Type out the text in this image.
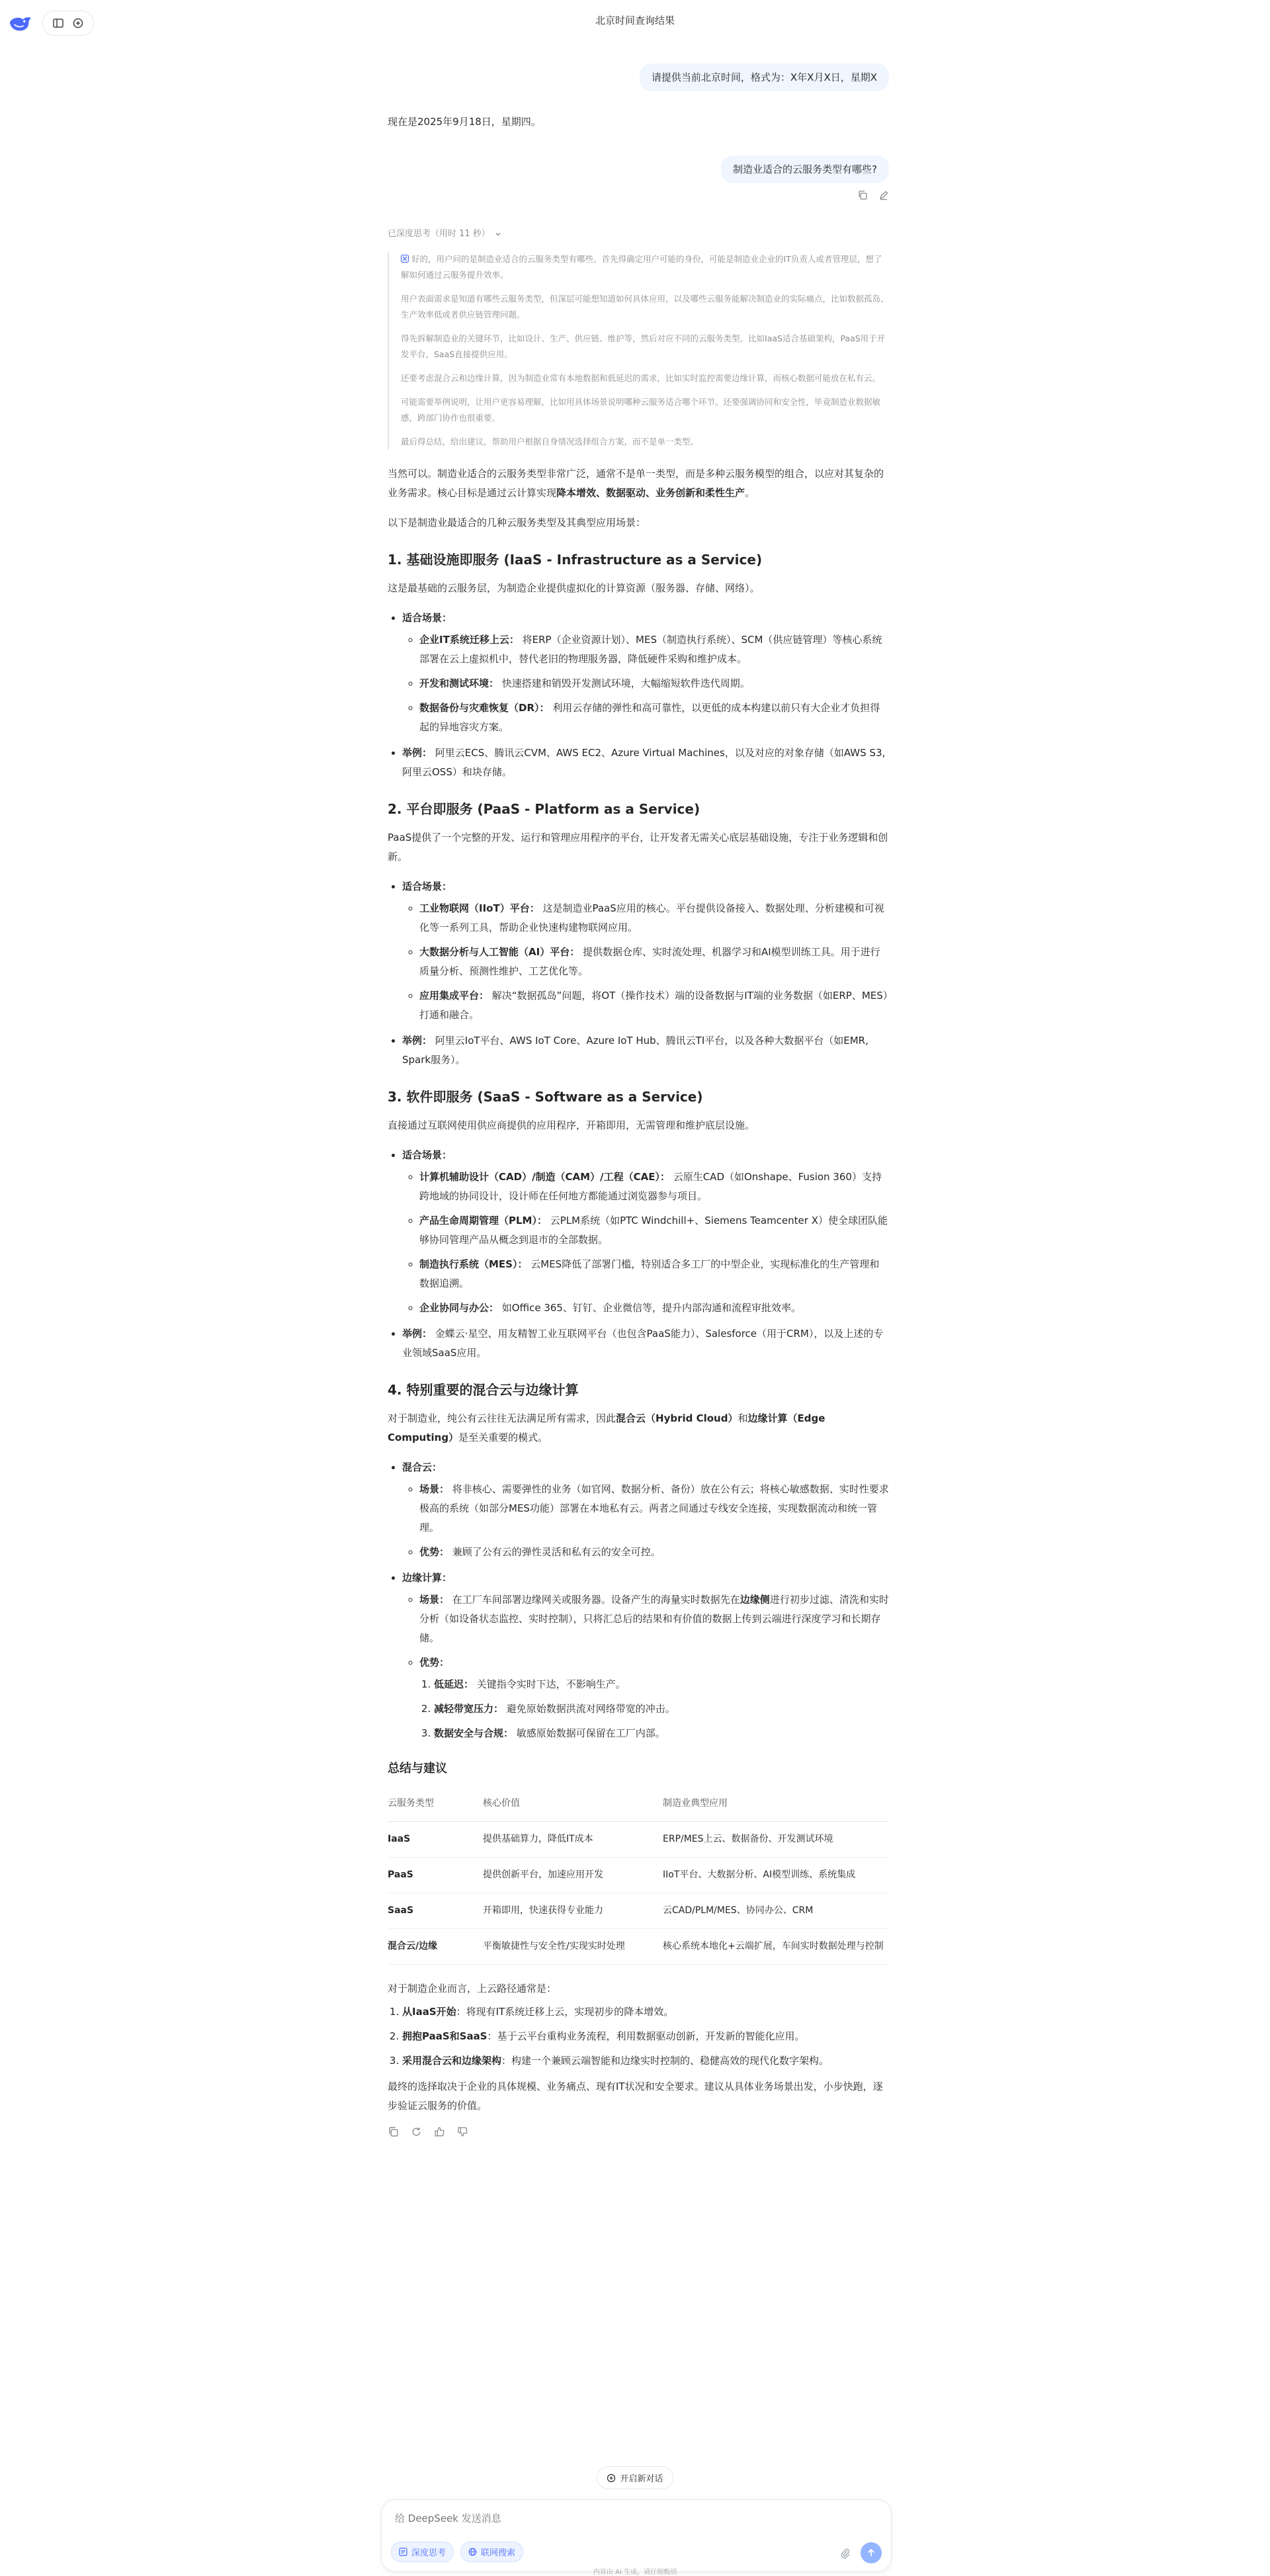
北京时间查询结果
请提供当前北京时间，格式为：X年X月X日，星期X

现在是2025年9月18日，星期四。

制造业适合的云服务类型有哪些?
已深度思考（用时 11 秒）

好的，用户问的是制造业适合的云服务类型有哪些。首先得确定用户可能的身份，可能是制造业企业的IT负责人或者管理层，想了解如何通过云服务提升效率。

用户表面需求是知道有哪些云服务类型，但深层可能想知道如何具体应用，以及哪些云服务能解决制造业的实际痛点，比如数据孤岛、生产效率低或者供应链管理问题。

得先拆解制造业的关键环节，比如设计、生产、供应链、维护等，然后对应不同的云服务类型。比如IaaS适合基础架构，PaaS用于开发平台，SaaS直接提供应用。

还要考虑混合云和边缘计算，因为制造业常有本地数据和低延迟的需求，比如实时监控需要边缘计算，而核心数据可能放在私有云。

可能需要举例说明，让用户更容易理解，比如用具体场景说明哪种云服务适合哪个环节。还要强调协同和安全性，毕竟制造业数据敏感，跨部门协作也很重要。

最后得总结，给出建议，帮助用户根据自身情况选择组合方案，而不是单一类型。

当然可以。制造业适合的云服务类型非常广泛，通常不是单一类型，而是多种云服务模型的组合，以应对其复杂的业务需求。核心目标是通过云计算实现降本增效、数据驱动、业务创新和柔性生产。

以下是制造业最适合的几种云服务类型及其典型应用场景：

1. 基础设施即服务 (IaaS - Infrastructure as a Service)

这是最基础的云服务层，为制造企业提供虚拟化的计算资源（服务器、存储、网络）。

• 适合场景：
◦ 企业IT系统迁移上云： 将ERP（企业资源计划）、MES（制造执行系统）、SCM（供应链管理）等核心系统部署在云上虚拟机中，替代老旧的物理服务器，降低硬件采购和维护成本。
◦ 开发和测试环境： 快速搭建和销毁开发测试环境，大幅缩短软件迭代周期。
◦ 数据备份与灾难恢复（DR）： 利用云存储的弹性和高可靠性，以更低的成本构建以前只有大企业才负担得起的异地容灾方案。
• 举例： 阿里云ECS、腾讯云CVM、AWS EC2、Azure Virtual Machines，以及对应的对象存储（如AWS S3, 阿里云OSS）和块存储。
2. 平台即服务 (PaaS - Platform as a Service)

PaaS提供了一个完整的开发、运行和管理应用程序的平台，让开发者无需关心底层基础设施，专注于业务逻辑和创新。

• 适合场景：
◦ 工业物联网（IIoT）平台： 这是制造业PaaS应用的核心。平台提供设备接入、数据处理、分析建模和可视化等一系列工具，帮助企业快速构建物联网应用。
◦ 大数据分析与人工智能（AI）平台： 提供数据仓库、实时流处理、机器学习和AI模型训练工具。用于进行质量分析、预测性维护、工艺优化等。
◦ 应用集成平台： 解决“数据孤岛”问题，将OT（操作技术）端的设备数据与IT端的业务数据（如ERP、MES）打通和融合。
• 举例： 阿里云IoT平台、AWS IoT Core、Azure IoT Hub、腾讯云TI平台，以及各种大数据平台（如EMR, Spark服务）。
3. 软件即服务 (SaaS - Software as a Service)

直接通过互联网使用供应商提供的应用程序，开箱即用，无需管理和维护底层设施。

• 适合场景：
◦ 计算机辅助设计（CAD）/制造（CAM）/工程（CAE）： 云原生CAD（如Onshape、Fusion 360）支持跨地域的协同设计，设计师在任何地方都能通过浏览器参与项目。
◦ 产品生命周期管理（PLM）： 云PLM系统（如PTC Windchill+、Siemens Teamcenter X）使全球团队能够协同管理产品从概念到退市的全部数据。
◦ 制造执行系统（MES）： 云MES降低了部署门槛，特别适合多工厂的中型企业，实现标准化的生产管理和数据追溯。
◦ 企业协同与办公： 如Office 365、钉钉、企业微信等，提升内部沟通和流程审批效率。
• 举例： 金蝶云·星空、用友精智工业互联网平台（也包含PaaS能力）、Salesforce（用于CRM），以及上述的专业领域SaaS应用。
4. 特别重要的混合云与边缘计算

对于制造业，纯公有云往往无法满足所有需求，因此混合云（Hybrid Cloud）和边缘计算（Edge Computing）是至关重要的模式。

• 混合云：
◦ 场景： 将非核心、需要弹性的业务（如官网、数据分析、备份）放在公有云；将核心敏感数据、实时性要求极高的系统（如部分MES功能）部署在本地私有云。两者之间通过专线安全连接，实现数据流动和统一管理。
◦ 优势： 兼顾了公有云的弹性灵活和私有云的安全可控。
• 边缘计算：
◦ 场景： 在工厂车间部署边缘网关或服务器。设备产生的海量实时数据先在边缘侧进行初步过滤、清洗和实时分析（如设备状态监控、实时控制），只将汇总后的结果和有价值的数据上传到云端进行深度学习和长期存储。
◦ 优势：
1. 低延迟： 关键指令实时下达，不影响生产。
2. 减轻带宽压力： 避免原始数据洪流对网络带宽的冲击。
3. 数据安全与合规： 敏感原始数据可保留在工厂内部。
总结与建议
云服务类型	核心价值	制造业典型应用
IaaS	提供基础算力，降低IT成本	ERP/MES上云、数据备份、开发测试环境
PaaS	提供创新平台，加速应用开发	IIoT平台、大数据分析、AI模型训练、系统集成
SaaS	开箱即用，快速获得专业能力	云CAD/PLM/MES、协同办公、CRM
混合云/边缘	平衡敏捷性与安全性/实现实时处理	核心系统本地化+云端扩展，车间实时数据处理与控制

对于制造企业而言，上云路径通常是：

1. 从IaaS开始：将现有IT系统迁移上云，实现初步的降本增效。
2. 拥抱PaaS和SaaS：基于云平台重构业务流程，利用数据驱动创新，开发新的智能化应用。
3. 采用混合云和边缘架构：构建一个兼顾云端智能和边缘实时控制的、稳健高效的现代化数字架构。

最终的选择取决于企业的具体规模、业务痛点、现有IT状况和安全要求。建议从具体业务场景出发，小步快跑，逐步验证云服务的价值。

开启新对话
给 DeepSeek 发送消息
深度思考	联网搜索
内容由 AI 生成，请仔细甄别
